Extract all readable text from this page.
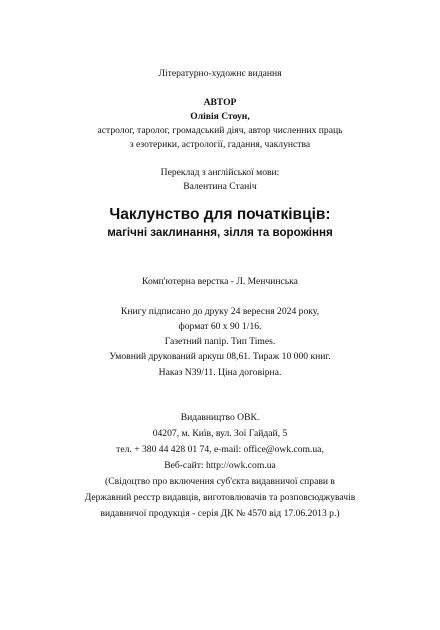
Літературно-художнє видання
АВТОР
Олівія Стоун,
астролог, таролог, громадський діяч, автор численних праць
з езотерики, астрології, гадання, чаклунства
Переклад з англійської мови:
Валентина Станіч
Чаклунство для початківців:
магічні заклинання, зілля та ворожіння
Комп'ютерна верстка - Л. Менчинська
Книгу підписано до друку 24 вересня 2024 року,
формат 60 х 90 1/16.
Газетний папір. Тип Times.
Умовний друкований аркуш 08,61. Тираж 10 000 книг.
Наказ N39/11. Ціна договірна.
Видавництво ОВК.
04207, м. Київ, вул. Зої Гайдай, 5
тел. + 380 44 428 01 74, e-mail: office@owk.com.ua,
Веб-сайт: http://owk.com.ua
(Свідоцтво про включення суб'єкта видавничої справи в
Державний реєстр видавців, виготовлювачів та розповсюджувачів
видавничої продукція - серія ДК № 4570 від 17.06.2013 р.)
